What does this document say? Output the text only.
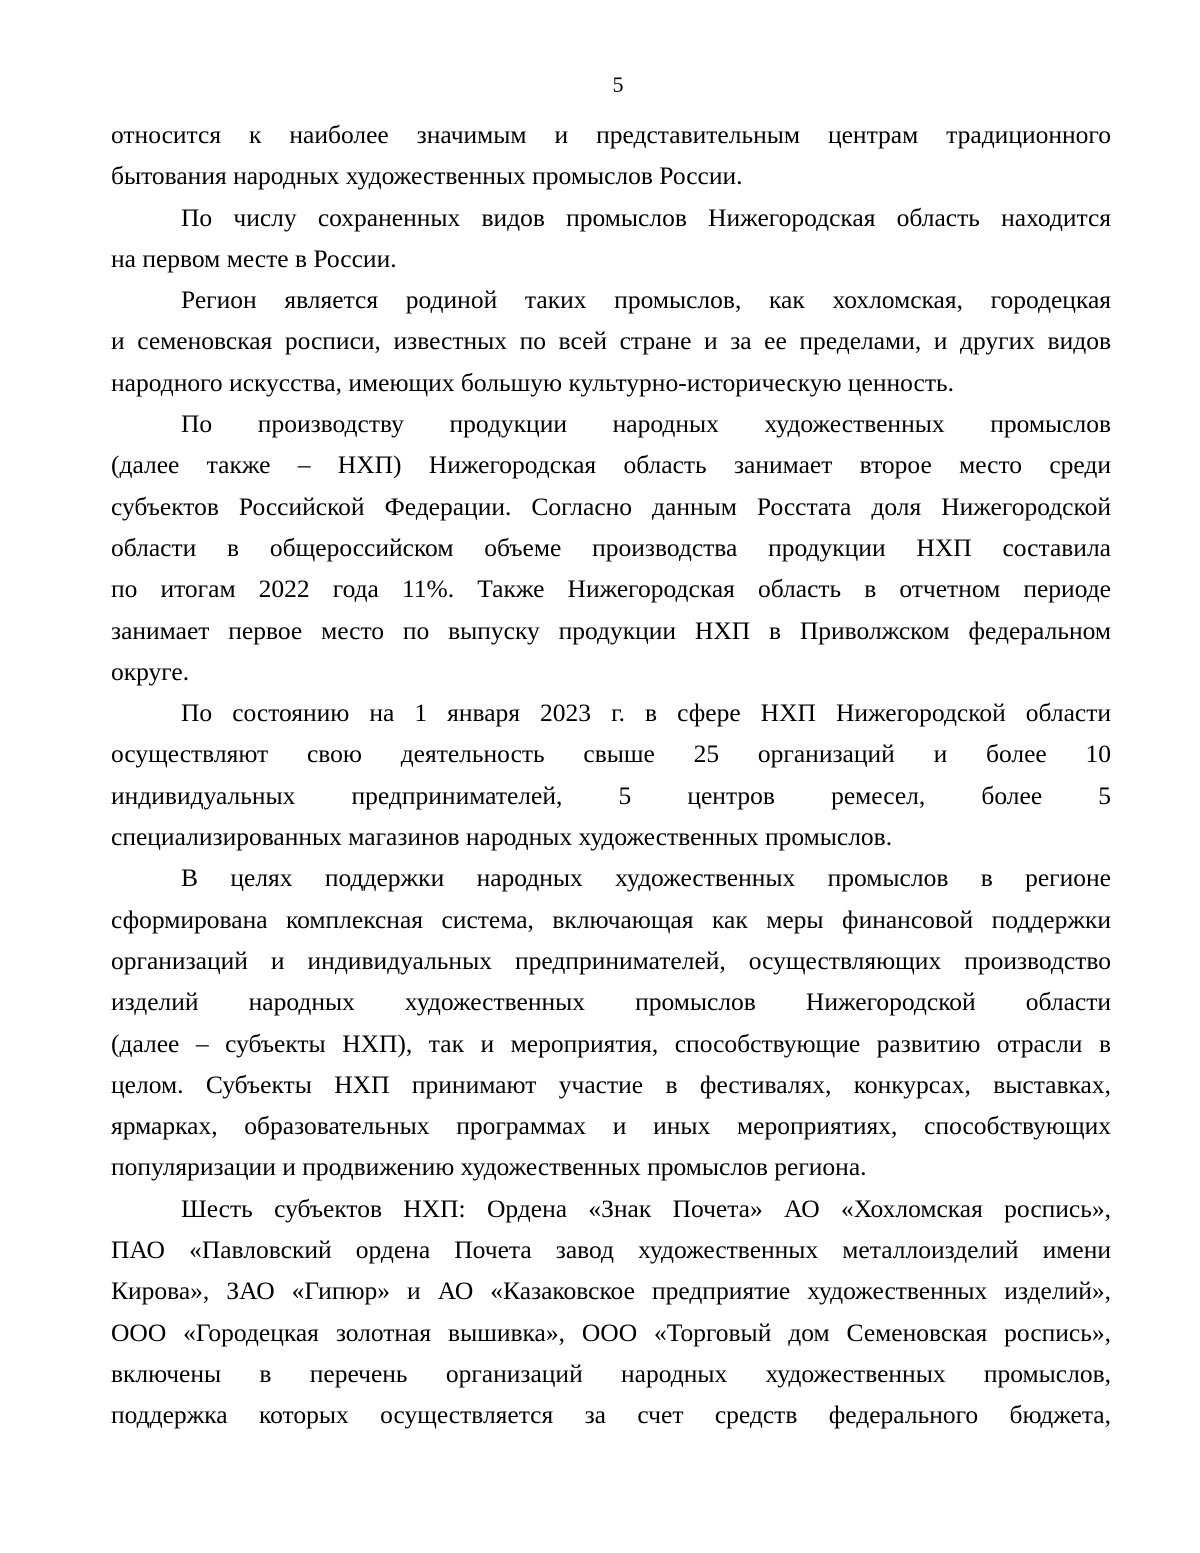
5
относится к наиболее значимым и представительным центрам традиционного
бытования народных художественных промыслов России.
По числу сохраненных видов промыслов Нижегородская область находится
на первом месте в России.
Регион является родиной таких промыслов, как хохломская, городецкая
и семеновская росписи, известных по всей стране и за ее пределами, и других видов
народного искусства, имеющих большую культурно-историческую ценность.
По производству продукции народных художественных промыслов
(далее также – НХП) Нижегородская область занимает второе место среди
субъектов Российской Федерации. Согласно данным Росстата доля Нижегородской
области в общероссийском объеме производства продукции НХП составила
по итогам 2022 года 11%. Также Нижегородская область в отчетном периоде
занимает первое место по выпуску продукции НХП в Приволжском федеральном
округе.
По состоянию на 1 января 2023 г. в сфере НХП Нижегородской области
осуществляют свою деятельность свыше 25 организаций и более 10
индивидуальных предпринимателей, 5 центров ремесел, более 5
специализированных магазинов народных художественных промыслов.
В целях поддержки народных художественных промыслов в регионе
сформирована комплексная система, включающая как меры финансовой поддержки
организаций и индивидуальных предпринимателей, осуществляющих производство
изделий народных художественных промыслов Нижегородской области
(далее – субъекты НХП), так и мероприятия, способствующие развитию отрасли в
целом. Субъекты НХП принимают участие в фестивалях, конкурсах, выставках,
ярмарках, образовательных программах и иных мероприятиях, способствующих
популяризации и продвижению художественных промыслов региона.
Шесть субъектов НХП: Ордена «Знак Почета» АО «Хохломская роспись»,
ПАО «Павловский ордена Почета завод художественных металлоизделий имени
Кирова», ЗАО «Гипюр» и АО «Казаковское предприятие художественных изделий»,
ООО «Городецкая золотная вышивка», ООО «Торговый дом Семеновская роспись»,
включены в перечень организаций народных художественных промыслов,
поддержка которых осуществляется за счет средств федерального бюджета,
